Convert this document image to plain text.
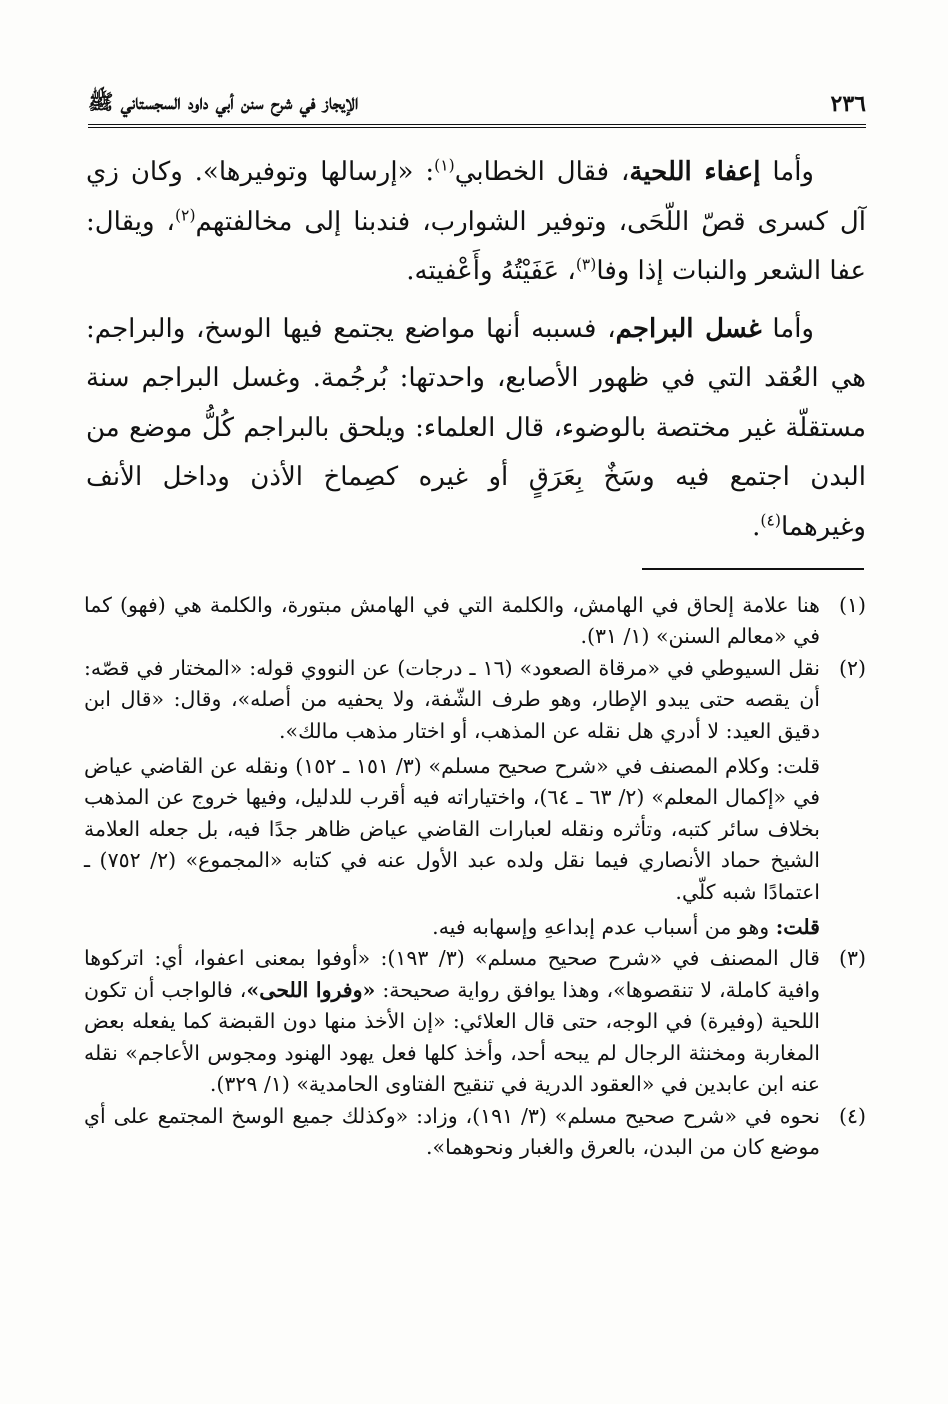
٢٣٦
الإيجاز في شرح سنن أبي داود السجستاني ﷺ

وأما إعفاء اللحية، فقال الخطابي$^{(١)}$: «إرسالها وتوفيرها». وكان زي آل كسرى قصّ اللّحَى، وتوفير الشوارب، فندبنا إلى مخالفتهم$^{(٢)}$، ويقال: عفا الشعر والنبات إذا وفا$^{(٣)}$، عَفَيْتُهُ وأَعْفيته.

وأما غسل البراجم، فسببه أنها مواضع يجتمع فيها الوسخ، والبراجم: هي العُقد التي في ظهور الأصابع، واحدتها: بُرجُمة. وغسل البراجم سنة مستقلّة غير مختصة بالوضوء، قال العلماء: ويلحق بالبراجم كُلُّ موضع من البدن اجتمع فيه وسَخٌ بِعَرَقٍ أو غيره كصِماخ الأذن وداخل الأنف وغيرهما$^{(٤)}$.

(١)

هنا علامة إلحاق في الهامش، والكلمة التي في الهامش مبتورة، والكلمة هي (فهو) كما في «معالم السنن» (١/ ٣١).

(٢)

نقل السيوطي في «مرقاة الصعود» (١٦ ـ درجات) عن النووي قوله: «المختار في قصّه: أن يقصه حتى يبدو الإطار، وهو طرف الشّفة، ولا يحفيه من أصله»، وقال: «قال ابن دقيق العيد: لا أدري هل نقله عن المذهب، أو اختار مذهب مالك».

قلت: وكلام المصنف في «شرح صحيح مسلم» (٣/ ١٥١ ـ ١٥٢) ونقله عن القاضي عياض في «إكمال المعلم» (٢/ ٦٣ ـ ٦٤)، واختياراته فيه أقرب للدليل، وفيها خروج عن المذهب بخلاف سائر كتبه، وتأثره ونقله لعبارات القاضي عياض ظاهر جدًا فيه، بل جعله العلامة الشيخ حماد الأنصاري فيما نقل ولده عبد الأول عنه في كتابه «المجموع» (٢/ ٧٥٢) ـ اعتمادًا شبه كلّي.

قلت: وهو من أسباب عدم إبداعهِ وإسهابه فيه.

(٣)

قال المصنف في «شرح صحيح مسلم» (٣/ ١٩٣): «أوفوا بمعنى اعفوا، أي: اتركوها وافية كاملة، لا تنقصوها»، وهذا يوافق رواية صحيحة: «وفروا اللحى»، فالواجب أن تكون اللحية (وفيرة) في الوجه، حتى قال العلائي: «إن الأخذ منها دون القبضة كما يفعله بعض المغاربة ومخنثة الرجال لم يبحه أحد، وأخذ كلها فعل يهود الهنود ومجوس الأعاجم» نقله عنه ابن عابدين في «العقود الدرية في تنقيح الفتاوى الحامدية» (١/ ٣٢٩).

(٤)

نحوه في «شرح صحيح مسلم» (٣/ ١٩١)، وزاد: «وكذلك جميع الوسخ المجتمع على أي موضع كان من البدن، بالعرق والغبار ونحوهما».
